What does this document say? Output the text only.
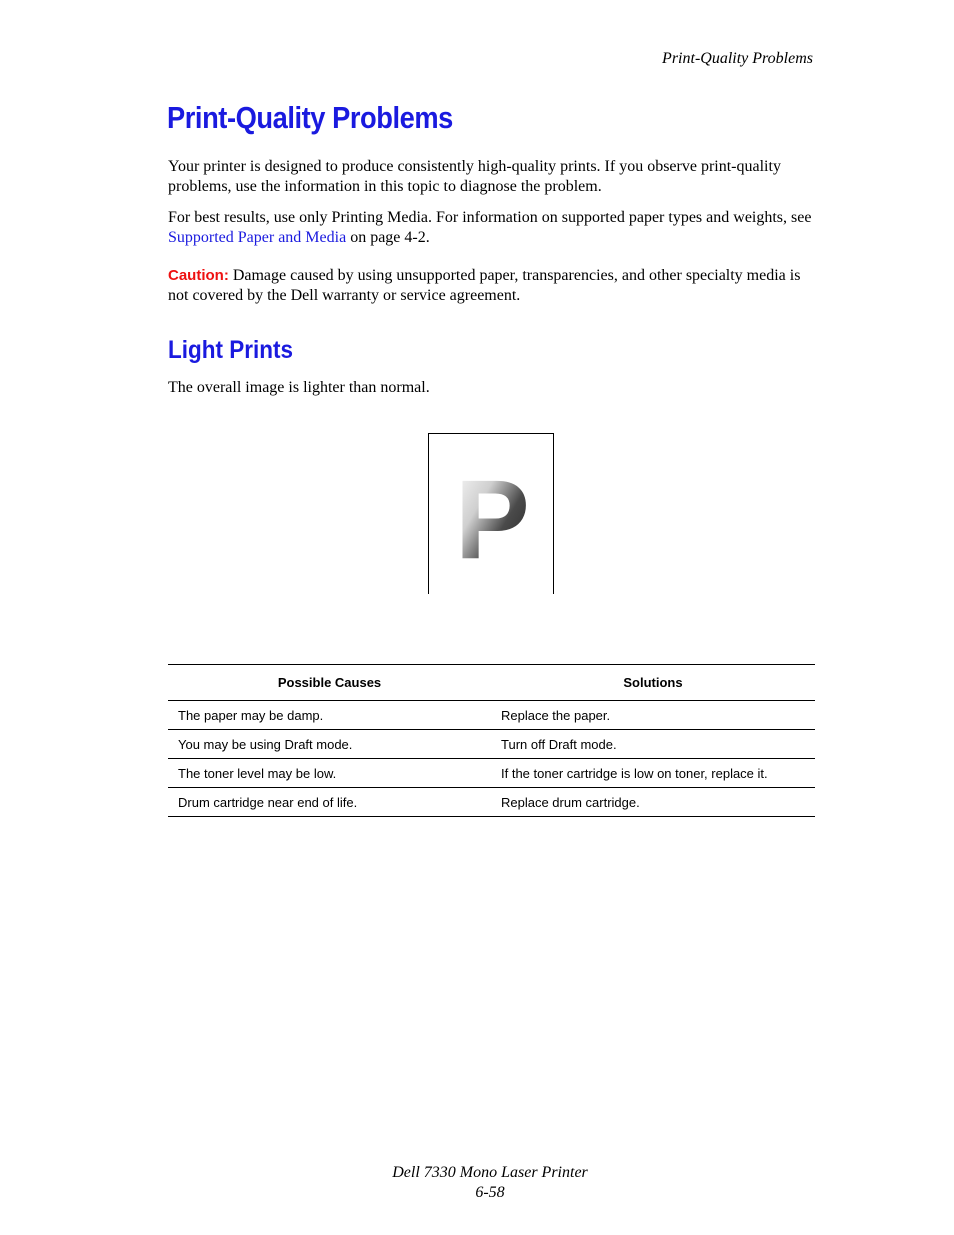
Print-Quality Problems
Print-Quality Problems

Your printer is designed to produce consistently high-quality prints. If you observe print-quality problems, use the information in this topic to diagnose the problem.

For best results, use only Printing Media. For information on supported paper types and weights, see Supported Paper and Media on page 4-2.

Caution: Damage caused by using unsupported paper, transparencies, and other specialty media is not covered by the Dell warranty or service agreement.

Light Prints

The overall image is lighter than normal.

P
Possible Causes	Solutions
The paper may be damp.	Replace the paper.
You may be using Draft mode.	Turn off Draft mode.
The toner level may be low.	If the toner cartridge is low on toner, replace it.
Drum cartridge near end of life.	Replace drum cartridge.
Dell 7330 Mono Laser Printer
6-58
